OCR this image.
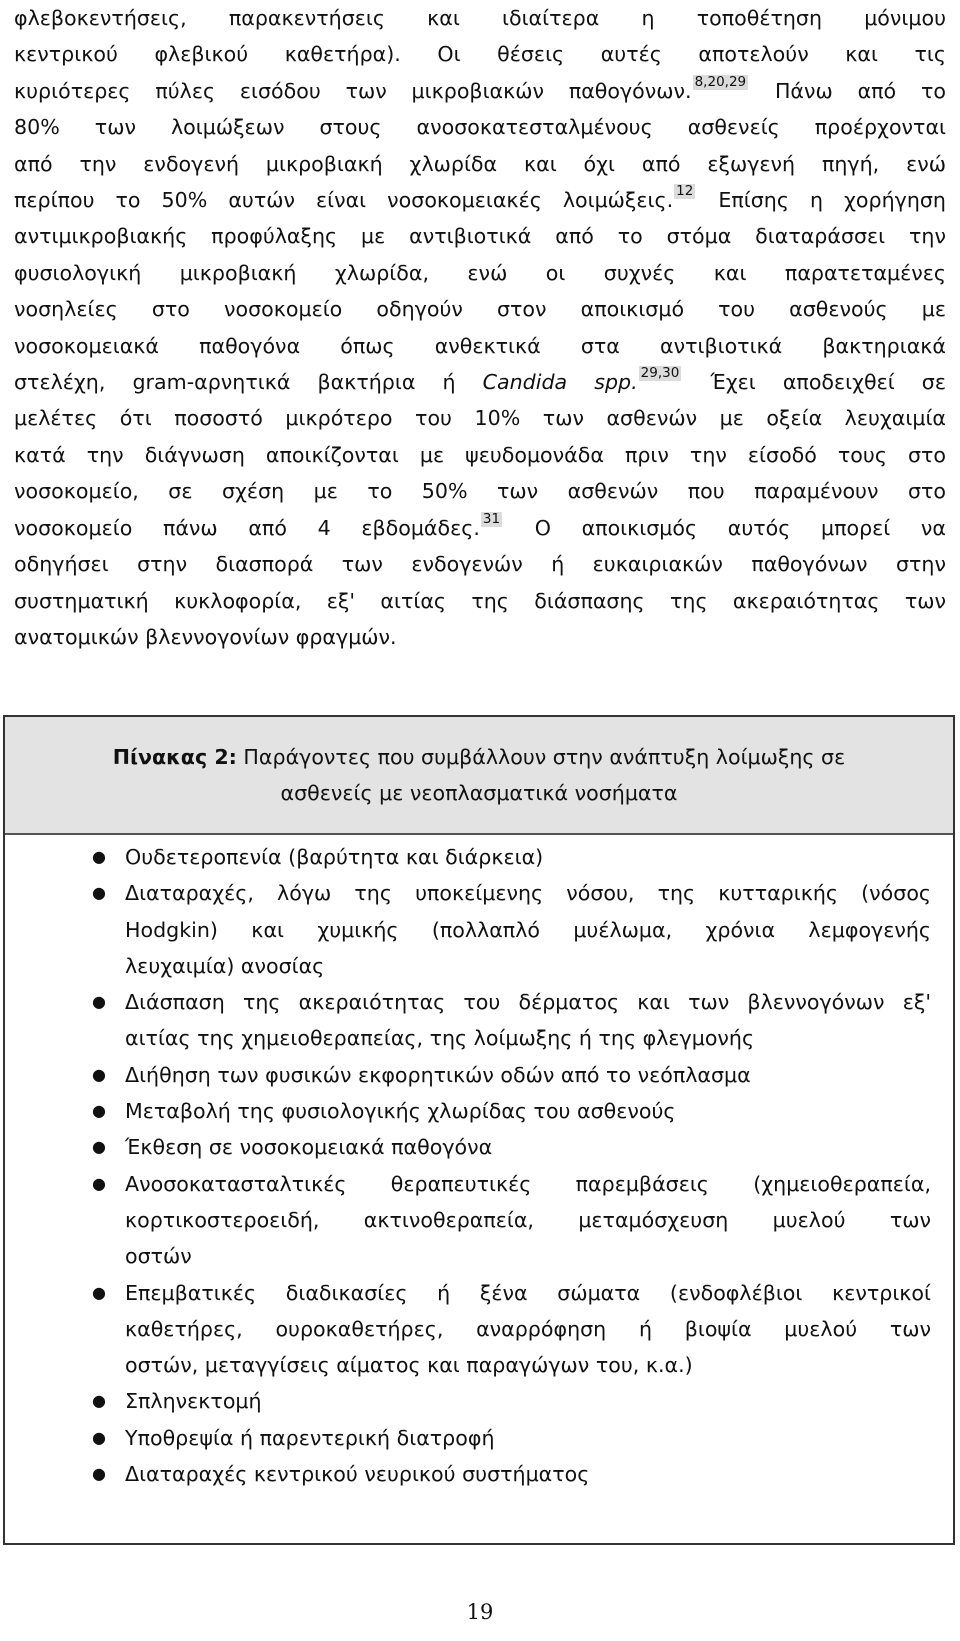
φλεβοκεντήσεις, παρακεντήσεις και ιδιαίτερα η τοποθέτηση μόνιμου
κεντρικού φλεβικού καθετήρα). Οι θέσεις αυτές αποτελούν και τις
κυριότερες πύλες εισόδου των μικροβιακών παθογόνων. 8,20,29 Πάνω από το
80% των λοιμώξεων στους ανοσοκατεσταλμένους ασθενείς προέρχονται
από την ενδογενή μικροβιακή χλωρίδα και όχι από εξωγενή πηγή, ενώ
περίπου το 50% αυτών είναι νοσοκομειακές λοιμώξεις. 12 Επίσης η χορήγηση
αντιμικροβιακής προφύλαξης με αντιβιοτικά από το στόμα διαταράσσει την
φυσιολογική μικροβιακή χλωρίδα, ενώ οι συχνές και παρατεταμένες
νοσηλείες στο νοσοκομείο οδηγούν στον αποικισμό του ασθενούς με
νοσοκομειακά παθογόνα όπως ανθεκτικά στα αντιβιοτικά βακτηριακά
στελέχη, gram-αρνητικά βακτήρια ή Candida spp. 29,30 Έχει αποδειχθεί σε
μελέτες ότι ποσοστό μικρότερο του 10% των ασθενών με οξεία λευχαιμία
κατά την διάγνωση αποικίζονται με ψευδομονάδα πριν την είσοδό τους στο
νοσοκομείο, σε σχέση με το 50% των ασθενών που παραμένουν στο
νοσοκομείο πάνω από 4 εβδομάδες. 31 Ο αποικισμός αυτός μπορεί να
οδηγήσει στην διασπορά των ενδογενών ή ευκαιριακών παθογόνων στην
συστηματική κυκλοφορία, εξ' αιτίας της διάσπασης της ακεραιότητας των
ανατομικών βλεννογονίων φραγμών.
Πίνακας 2: Παράγοντες που συμβάλλουν στην ανάπτυξη λοίμωξης σε
ασθενείς με νεοπλασματικά νοσήματα
● Ουδετεροπενία (βαρύτητα και διάρκεια)
● Διαταραχές, λόγω της υποκείμενης νόσου, της κυτταρικής (νόσος
Hodgkin) και χυμικής (πολλαπλό μυέλωμα, χρόνια λεμφογενής
λευχαιμία) ανοσίας
● Διάσπαση της ακεραιότητας του δέρματος και των βλεννογόνων εξ'
αιτίας της χημειοθεραπείας, της λοίμωξης ή της φλεγμονής
● Διήθηση των φυσικών εκφορητικών οδών από το νεόπλασμα
● Μεταβολή της φυσιολογικής χλωρίδας του ασθενούς
● Έκθεση σε νοσοκομειακά παθογόνα
● Ανοσοκατασταλτικές θεραπευτικές παρεμβάσεις (χημειοθεραπεία,
κορτικοστεροειδή, ακτινοθεραπεία, μεταμόσχευση μυελού των
οστών
● Επεμβατικές διαδικασίες ή ξένα σώματα (ενδοφλέβιοι κεντρικοί
καθετήρες, ουροκαθετήρες, αναρρόφηση ή βιοψία μυελού των
οστών, μεταγγίσεις αίματος και παραγώγων του, κ.α.)
● Σπληνεκτομή
● Υποθρεψία ή παρεντερική διατροφή
● Διαταραχές κεντρικού νευρικού συστήματος
19
